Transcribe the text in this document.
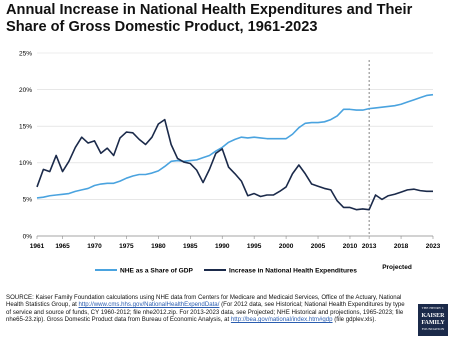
Annual Increase in National Health Expenditures and Their Share of Gross Domestic Product, 1961-2023
0%
5%
10%
15%
20%
25%
1961 1965	1970	1975	1980	1985	1990	1995	2000	2005	2010 2013	2018	2023
NHE as a Share of GDP	Increase in National Health Expenditures	Projected
SOURCE: Kaiser Family Foundation calculations using NHE data from Centers for Medicare and Medicaid Services, Office of the Actuary, National Health Statistics Group, at http://www.cms.hhs.gov/NationalHealthExpendData/ (For 2012 data, see Historical; National Health Expenditures by type of service and source of funds, CY 1960-2012; file nhe2012.zip. For 2013-2023 data, see Projected; NHE Historical and projections, 1965-2023; file nhe65-23.zip). Gross Domestic Product data from Bureau of Economic Analysis, at http://bea.gov/national/index.htm#gdp (file gdplev.xls).
THE HENRY J.
KAISER
FAMILY
FOUNDATION
